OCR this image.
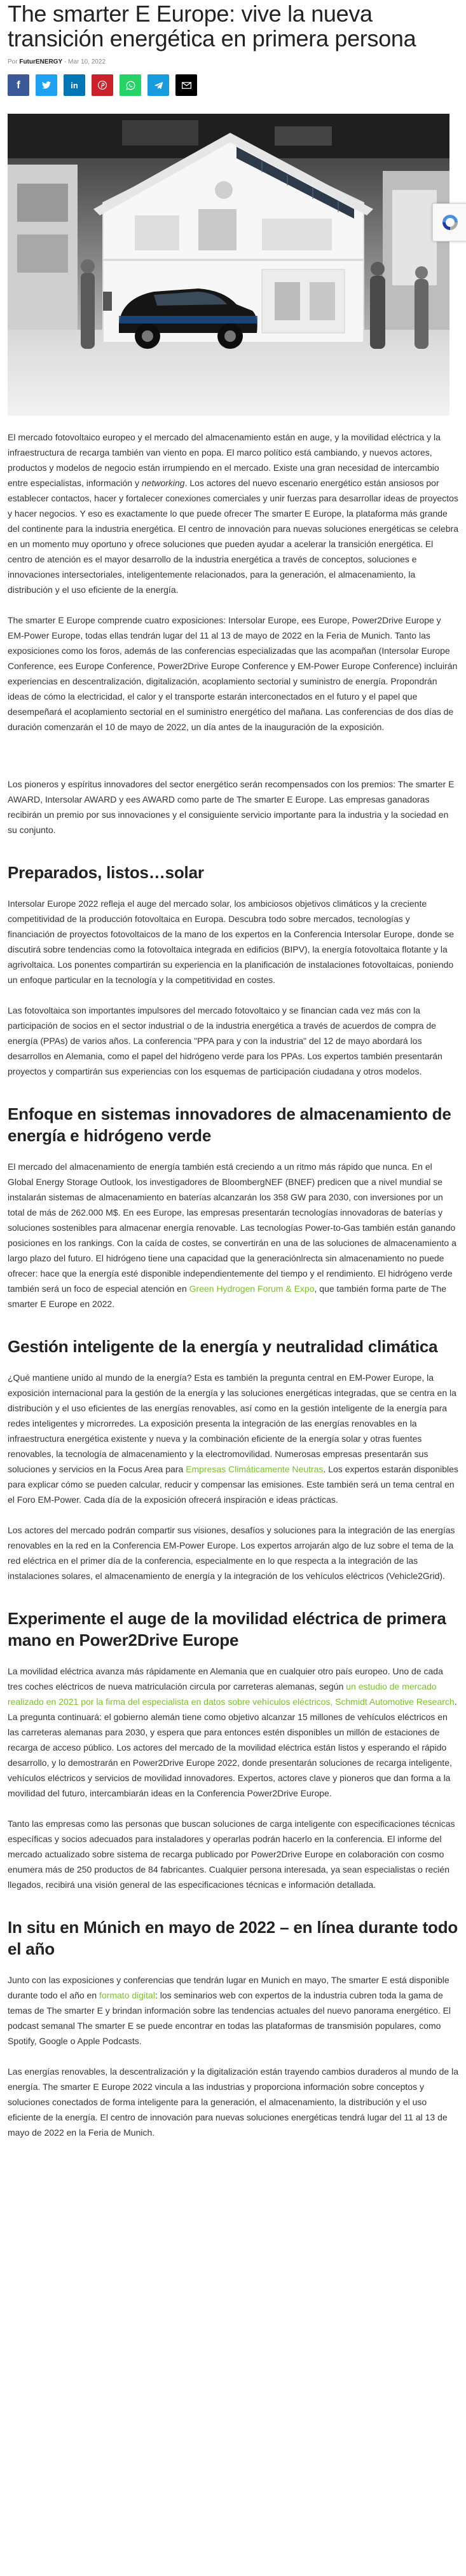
The smarter E Europe: vive la nueva transición energética en primera persona
Por FuturENERGY - Mar 10, 2022
f	in

El mercado fotovoltaico europeo y el mercado del almacenamiento están en auge, y la movilidad eléctrica y la infraestructura de recarga también van viento en popa. El marco político está cambiando, y nuevos actores, productos y modelos de negocio están irrumpiendo en el mercado. Existe una gran necesidad de intercambio entre especialistas, información y networking. Los actores del nuevo escenario energético están ansiosos por establecer contactos, hacer y fortalecer conexiones comerciales y unir fuerzas para desarrollar ideas de proyectos y hacer negocios. Y eso es exactamente lo que puede ofrecer The smarter E Europe, la plataforma más grande del continente para la industria energética. El centro de innovación para nuevas soluciones energéticas se celebra en un momento muy oportuno y ofrece soluciones que pueden ayudar a acelerar la transición energética. El centro de atención es el mayor desarrollo de la industria energética a través de conceptos, soluciones e innovaciones intersectoriales, inteligentemente relacionados, para la generación, el almacenamiento, la distribución y el uso eficiente de la energía.

The smarter E Europe comprende cuatro exposiciones: Intersolar Europe, ees Europe, Power2Drive Europe y EM-Power Europe, todas ellas tendrán lugar del 11 al 13 de mayo de 2022 en la Feria de Munich. Tanto las exposiciones como los foros, además de las conferencias especializadas que las acompañan (Intersolar Europe Conference, ees Europe Conference, Power2Drive Europe Conference y EM-Power Europe Conference) incluirán experiencias en descentralización, digitalización, acoplamiento sectorial y suministro de energía. Propondrán ideas de cómo la electricidad, el calor y el transporte estarán interconectados en el futuro y el papel que desempeñará el acoplamiento sectorial en el suministro energético del mañana. Las conferencias de dos días de duración comenzarán el 10 de mayo de 2022, un día antes de la inauguración de la exposición.

Los pioneros y espíritus innovadores del sector energético serán recompensados con los premios: The smarter E AWARD, Intersolar AWARD y ees AWARD como parte de The smarter E Europe. Las empresas ganadoras recibirán un premio por sus innovaciones y el consiguiente servicio importante para la industria y la sociedad en su conjunto.

Preparados, listos…solar

Intersolar Europe 2022 refleja el auge del mercado solar, los ambiciosos objetivos climáticos y la creciente competitividad de la producción fotovoltaica en Europa. Descubra todo sobre mercados, tecnologías y financiación de proyectos fotovoltaicos de la mano de los expertos en la Conferencia Intersolar Europe, donde se discutirá sobre tendencias como la fotovoltaica integrada en edificios (BIPV), la energía fotovoltaica flotante y la agrivoltaica. Los ponentes compartirán su experiencia en la planificación de instalaciones fotovoltaicas, poniendo un enfoque particular en la tecnología y la competitividad en costes.

Las fotovoltaica son importantes impulsores del mercado fotovoltaico y se financian cada vez más con la participación de socios en el sector industrial o de la industria energética a través de acuerdos de compra de energía (PPAs) de varios años. La conferencia "PPA para y con la industria" del 12 de mayo abordará los desarrollos en Alemania, como el papel del hidrógeno verde para los PPAs. Los expertos también presentarán proyectos y compartirán sus experiencias con los esquemas de participación ciudadana y otros modelos.

Enfoque en sistemas innovadores de almacenamiento de energía e hidrógeno verde

El mercado del almacenamiento de energía también está creciendo a un ritmo más rápido que nunca. En el Global Energy Storage Outlook, los investigadores de BloombergNEF (BNEF) predicen que a nivel mundial se instalarán sistemas de almacenamiento en baterías alcanzarán los 358 GW para 2030, con inversiones por un total de más de 262.000 M$. En ees Europe, las empresas presentarán tecnologías innovadoras de baterías y soluciones sostenibles para almacenar energía renovable. Las tecnologías Power-to-Gas también están ganando posiciones en los rankings. Con la caída de costes, se convertirán en una de las soluciones de almacenamiento a largo plazo del futuro. El hidrógeno tiene una capacidad que la generaciónlrecta sin almacenamiento no puede ofrecer: hace que la energía esté disponible independientemente del tiempo y el rendimiento. El hidrógeno verde también será un foco de especial atención en Green Hydrogen Forum & Expo, que también forma parte de The smarter E Europe en 2022.

Gestión inteligente de la energía y neutralidad climática

¿Qué mantiene unido al mundo de la energía? Esta es también la pregunta central en EM-Power Europe, la exposición internacional para la gestión de la energía y las soluciones energéticas integradas, que se centra en la distribución y el uso eficientes de las energías renovables, así como en la gestión inteligente de la energía para redes inteligentes y microrredes. La exposición presenta la integración de las energías renovables en la infraestructura energética existente y nueva y la combinación eficiente de la energía solar y otras fuentes renovables, la tecnología de almacenamiento y la electromovilidad. Numerosas empresas presentarán sus soluciones y servicios en la Focus Area para Empresas Climáticamente Neutras. Los expertos estarán disponibles para explicar cómo se pueden calcular, reducir y compensar las emisiones. Este también será un tema central en el Foro EM-Power. Cada día de la exposición ofrecerá inspiración e ideas prácticas.

Los actores del mercado podrán compartir sus visiones, desafíos y soluciones para la integración de las energías renovables en la red en la Conferencia EM-Power Europe. Los expertos arrojarán algo de luz sobre el tema de la red eléctrica en el primer día de la conferencia, especialmente en lo que respecta a la integración de las instalaciones solares, el almacenamiento de energía y la integración de los vehículos eléctricos (Vehicle2Grid).

Experimente el auge de la movilidad eléctrica de primera mano en Power2Drive Europe

La movilidad eléctrica avanza más rápidamente en Alemania que en cualquier otro país europeo. Uno de cada tres coches eléctricos de nueva matriculación circula por carreteras alemanas, según un estudio de mercado realizado en 2021 por la firma del especialista en datos sobre vehículos eléctricos, Schmidt Automotive Research. La pregunta continuará: el gobierno alemán tiene como objetivo alcanzar 15 millones de vehículos eléctricos en las carreteras alemanas para 2030, y espera que para entonces estén disponibles un millón de estaciones de recarga de acceso público. Los actores del mercado de la movilidad eléctrica están listos y esperando el rápido desarrollo, y lo demostrarán en Power2Drive Europe 2022, donde presentarán soluciones de recarga inteligente, vehículos eléctricos y servicios de movilidad innovadores. Expertos, actores clave y pioneros que dan forma a la movilidad del futuro, intercambiarán ideas en la Conferencia Power2Drive Europe.

Tanto las empresas como las personas que buscan soluciones de carga inteligente con especificaciones técnicas específicas y socios adecuados para instaladores y operarlas podrán hacerlo en la conferencia. El informe del mercado actualizado sobre sistema de recarga publicado por Power2Drive Europe en colaboración con cosmo enumera más de 250 productos de 84 fabricantes. Cualquier persona interesada, ya sean especialistas o recién llegados, recibirá una visión general de las especificaciones técnicas e información detallada.

In situ en Múnich en mayo de 2022 – en línea durante todo el año

Junto con las exposiciones y conferencias que tendrán lugar en Munich en mayo, The smarter E está disponible durante todo el año en formato digital: los seminarios web con expertos de la industria cubren toda la gama de temas de The smarter E y brindan información sobre las tendencias actuales del nuevo panorama energético. El podcast semanal The smarter E se puede encontrar en todas las plataformas de transmisión populares, como Spotify, Google o Apple Podcasts.

Las energías renovables, la descentralización y la digitalización están trayendo cambios duraderos al mundo de la energía. The smarter E Europe 2022 vincula a las industrias y proporciona información sobre conceptos y soluciones conectados de forma inteligente para la generación, el almacenamiento, la distribución y el uso eficiente de la energía. El centro de innovación para nuevas soluciones energéticas tendrá lugar del 11 al 13 de mayo de 2022 en la Feria de Munich.
